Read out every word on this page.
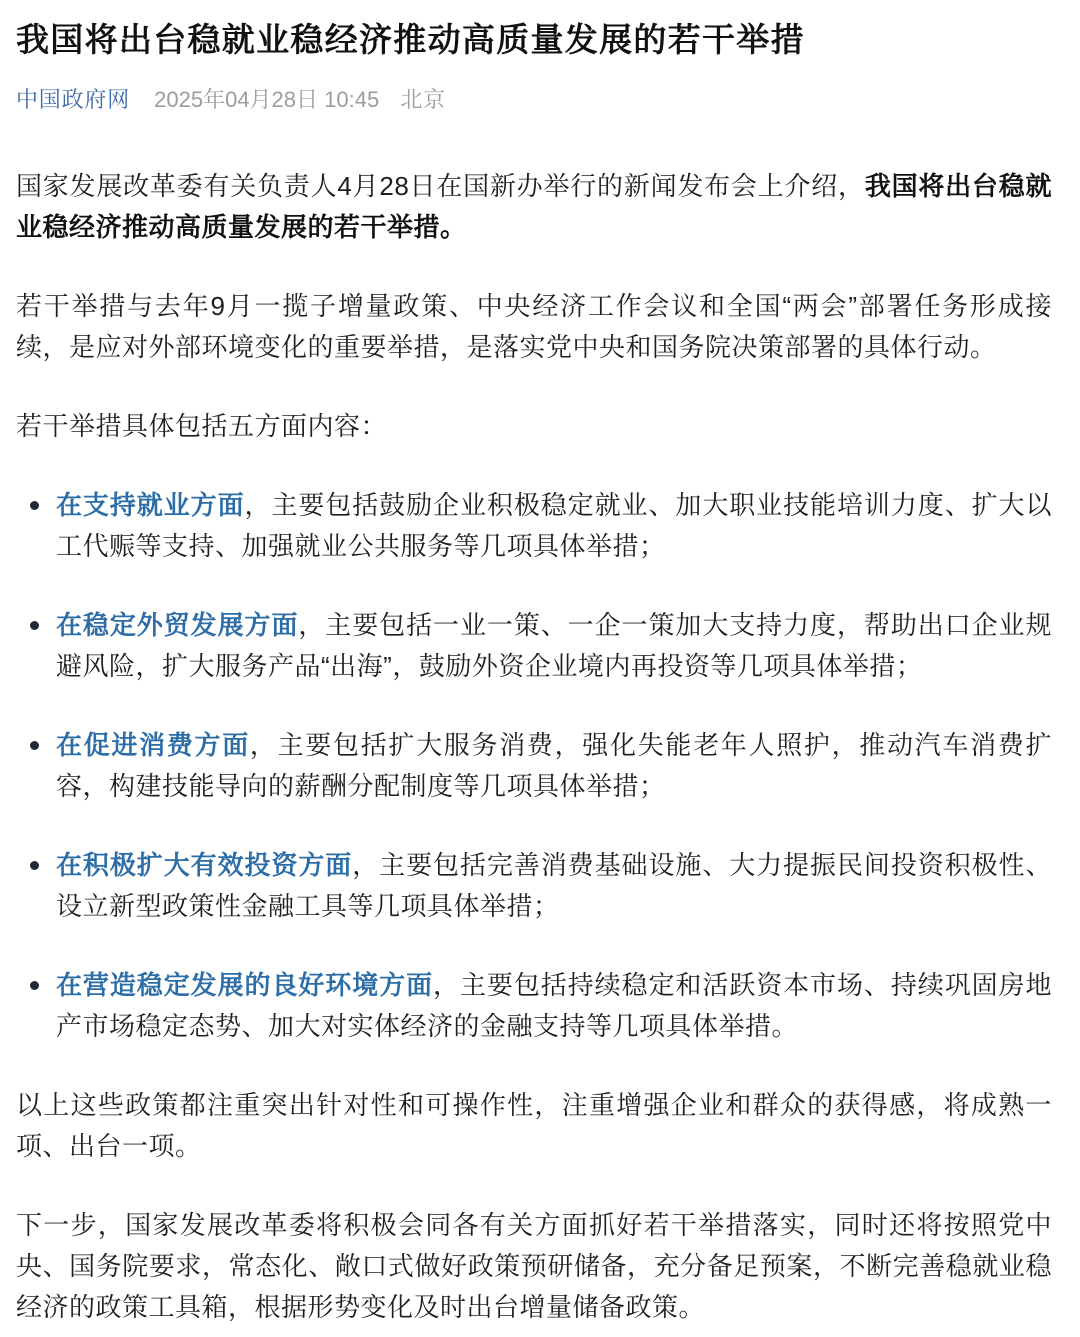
我国将出台稳就业稳经济推动高质量发展的若干举措
中国政府网 2025年04月28日 10:45 北京

国家发展改革委有关负责人4月28日在国新办举行的新闻发布会上介绍，我国将出台稳就业稳经济推动高质量发展的若干举措。

若干举措与去年9月一揽子增量政策、中央经济工作会议和全国“两会”部署任务形成接续，是应对外部环境变化的重要举措，是落实党中央和国务院决策部署的具体行动。

若干举措具体包括五方面内容：

在支持就业方面，主要包括鼓励企业积极稳定就业、加大职业技能培训力度、扩大以工代赈等支持、加强就业公共服务等几项具体举措；
在稳定外贸发展方面，主要包括一业一策、一企一策加大支持力度，帮助出口企业规避风险，扩大服务产品“出海”，鼓励外资企业境内再投资等几项具体举措；
在促进消费方面，主要包括扩大服务消费，强化失能老年人照护，推动汽车消费扩容，构建技能导向的薪酬分配制度等几项具体举措；
在积极扩大有效投资方面，主要包括完善消费基础设施、大力提振民间投资积极性、设立新型政策性金融工具等几项具体举措；
在营造稳定发展的良好环境方面，主要包括持续稳定和活跃资本市场、持续巩固房地产市场稳定态势、加大对实体经济的金融支持等几项具体举措。

以上这些政策都注重突出针对性和可操作性，注重增强企业和群众的获得感，将成熟一项、出台一项。

下一步，国家发展改革委将积极会同各有关方面抓好若干举措落实，同时还将按照党中央、国务院要求，常态化、敞口式做好政策预研储备，充分备足预案，不断完善稳就业稳经济的政策工具箱，根据形势变化及时出台增量储备政策。
